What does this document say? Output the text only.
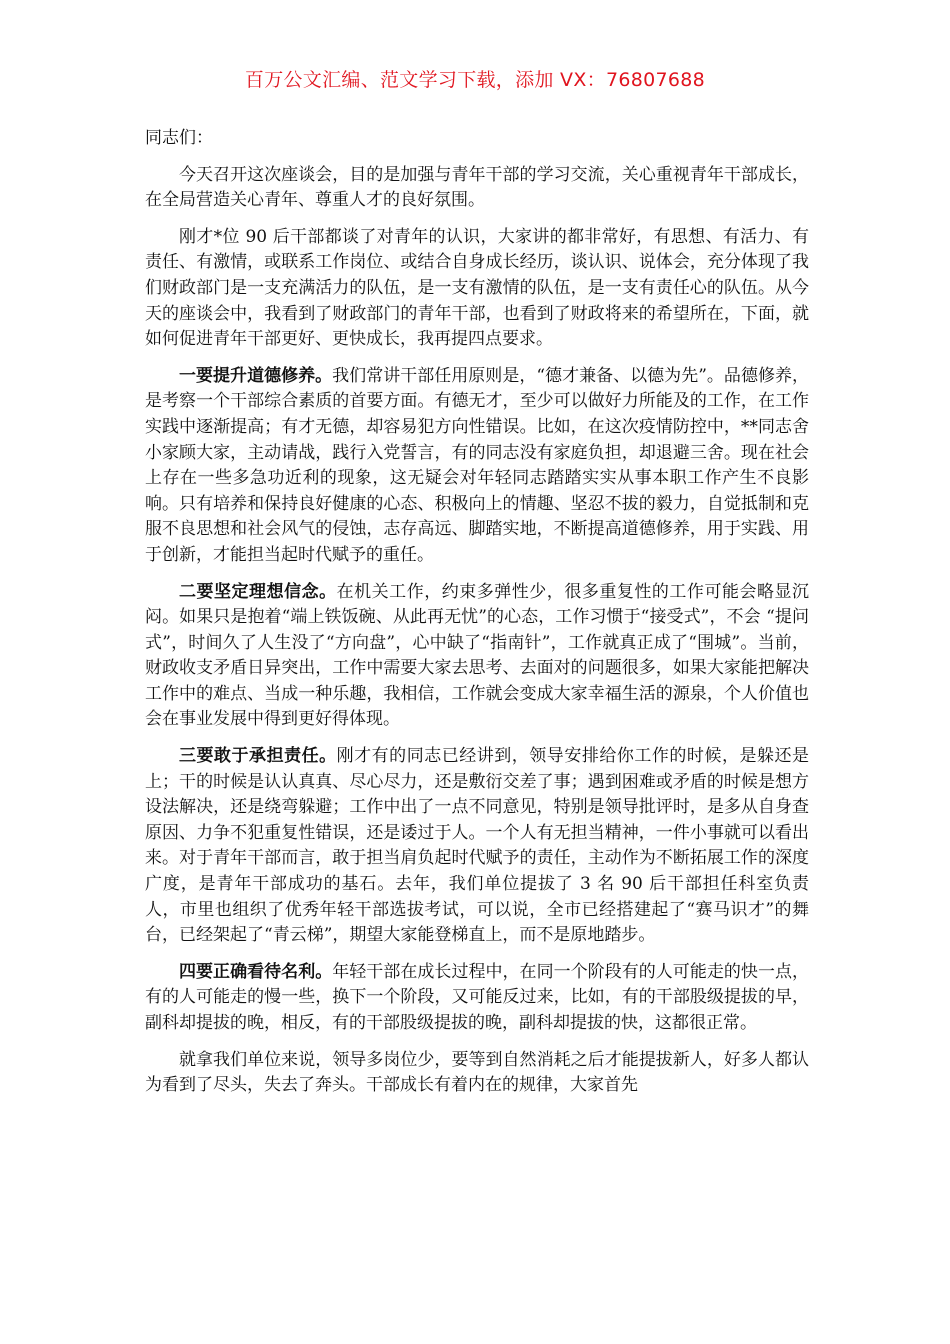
百万公文汇编、范文学习下载，添加 VX：76807688

同志们：

今天召开这次座谈会，目的是加强与青年干部的学习交流，关心重视青年干部成长，在全局营造关心青年、尊重人才的良好氛围。

刚才*位 90 后干部都谈了对青年的认识，大家讲的都非常好，有思想、有活力、有责任、有激情，或联系工作岗位、或结合自身成长经历，谈认识、说体会，充分体现了我们财政部门是一支充满活力的队伍，是一支有激情的队伍，是一支有责任心的队伍。从今天的座谈会中，我看到了财政部门的青年干部，也看到了财政将来的希望所在，下面，就如何促进青年干部更好、更快成长，我再提四点要求。

一要提升道德修养。我们常讲干部任用原则是，“德才兼备、以德为先”。品德修养，是考察一个干部综合素质的首要方面。有德无才，至少可以做好力所能及的工作，在工作实践中逐渐提高；有才无德，却容易犯方向性错误。比如，在这次疫情防控中，**同志舍小家顾大家，主动请战，践行入党誓言，有的同志没有家庭负担，却退避三舍。现在社会上存在一些多急功近利的现象，这无疑会对年轻同志踏踏实实从事本职工作产生不良影响。只有培养和保持良好健康的心态、积极向上的情趣、坚忍不拔的毅力，自觉抵制和克服不良思想和社会风气的侵蚀，志存高远、脚踏实地，不断提高道德修养，用于实践、用于创新，才能担当起时代赋予的重任。

二要坚定理想信念。在机关工作，约束多弹性少，很多重复性的工作可能会略显沉闷。如果只是抱着“端上铁饭碗、从此再无忧”的心态，工作习惯于“接受式”，不会 “提问式”，时间久了人生没了“方向盘”，心中缺了“指南针”，工作就真正成了“围城”。当前，财政收支矛盾日异突出，工作中需要大家去思考、去面对的问题很多，如果大家能把解决工作中的难点、当成一种乐趣，我相信，工作就会变成大家幸福生活的源泉，个人价值也会在事业发展中得到更好得体现。

三要敢于承担责任。刚才有的同志已经讲到，领导安排给你工作的时候，是躲还是上；干的时候是认认真真、尽心尽力，还是敷衍交差了事；遇到困难或矛盾的时候是想方设法解决，还是绕弯躲避；工作中出了一点不同意见，特别是领导批评时，是多从自身查原因、力争不犯重复性错误，还是诿过于人。一个人有无担当精神，一件小事就可以看出来。对于青年干部而言，敢于担当肩负起时代赋予的责任，主动作为不断拓展工作的深度广度，是青年干部成功的基石。去年，我们单位提拔了 3 名 90 后干部担任科室负责人，市里也组织了优秀年轻干部选拔考试，可以说，全市已经搭建起了“赛马识才”的舞台，已经架起了“青云梯”，期望大家能登梯直上，而不是原地踏步。

四要正确看待名利。年轻干部在成长过程中，在同一个阶段有的人可能走的快一点，有的人可能走的慢一些，换下一个阶段，又可能反过来，比如，有的干部股级提拔的早，副科却提拔的晚，相反，有的干部股级提拔的晚，副科却提拔的快，这都很正常。

就拿我们单位来说，领导多岗位少，要等到自然消耗之后才能提拔新人，好多人都认为看到了尽头，失去了奔头。干部成长有着内在的规律，大家首先
